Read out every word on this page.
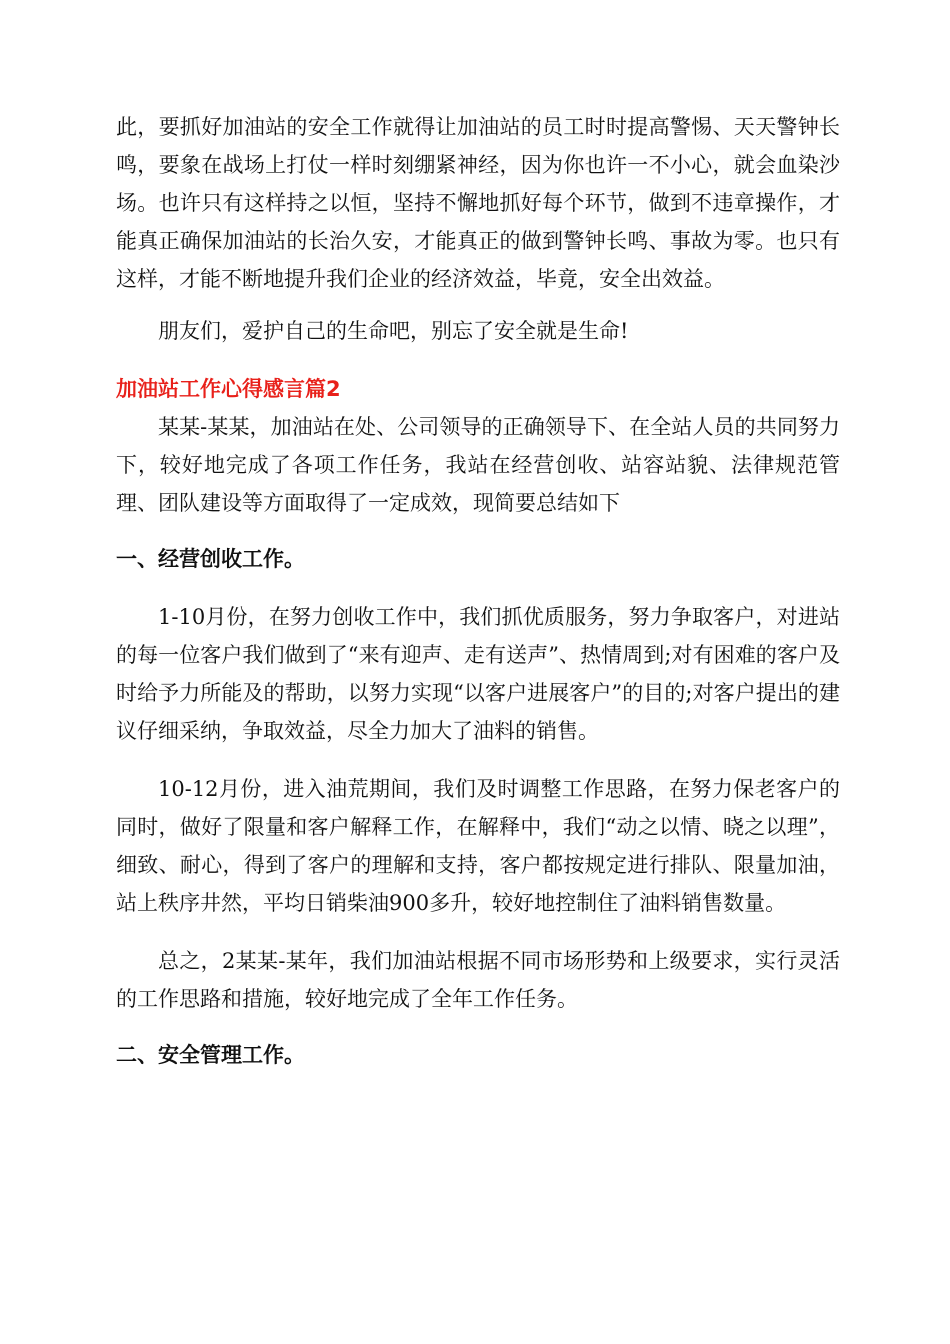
此，要抓好加油站的安全工作就得让加油站的员工时时提高警惕、天天警钟长鸣，要象在战场上打仗一样时刻绷紧神经，因为你也许一不小心，就会血染沙场。也许只有这样持之以恒，坚持不懈地抓好每个环节，做到不违章操作，才能真正确保加油站的长治久安，才能真正的做到警钟长鸣、事故为零。也只有这样，才能不断地提升我们企业的经济效益，毕竟，安全出效益。

朋友们，爱护自己的生命吧，别忘了安全就是生命!

加油站工作心得感言篇2

某某-某某，加油站在处、公司领导的正确领导下、在全站人员的共同努力下，较好地完成了各项工作任务，我站在经营创收、站容站貌、法律规范管理、团队建设等方面取得了一定成效，现简要总结如下

一、经营创收工作。

1-10月份，在努力创收工作中，我们抓优质服务，努力争取客户，对进站的每一位客户我们做到了“来有迎声、走有送声”、热情周到;对有困难的客户及时给予力所能及的帮助，以努力实现“以客户进展客户”的目的;对客户提出的建议仔细采纳，争取效益，尽全力加大了油料的销售。

10-12月份，进入油荒期间，我们及时调整工作思路，在努力保老客户的同时，做好了限量和客户解释工作，在解释中，我们“动之以情、晓之以理”，细致、耐心，得到了客户的理解和支持，客户都按规定进行排队、限量加油，站上秩序井然，平均日销柴油900多升，较好地控制住了油料销售数量。

总之，2某某-某年，我们加油站根据不同市场形势和上级要求，实行灵活的工作思路和措施，较好地完成了全年工作任务。

二、安全管理工作。
